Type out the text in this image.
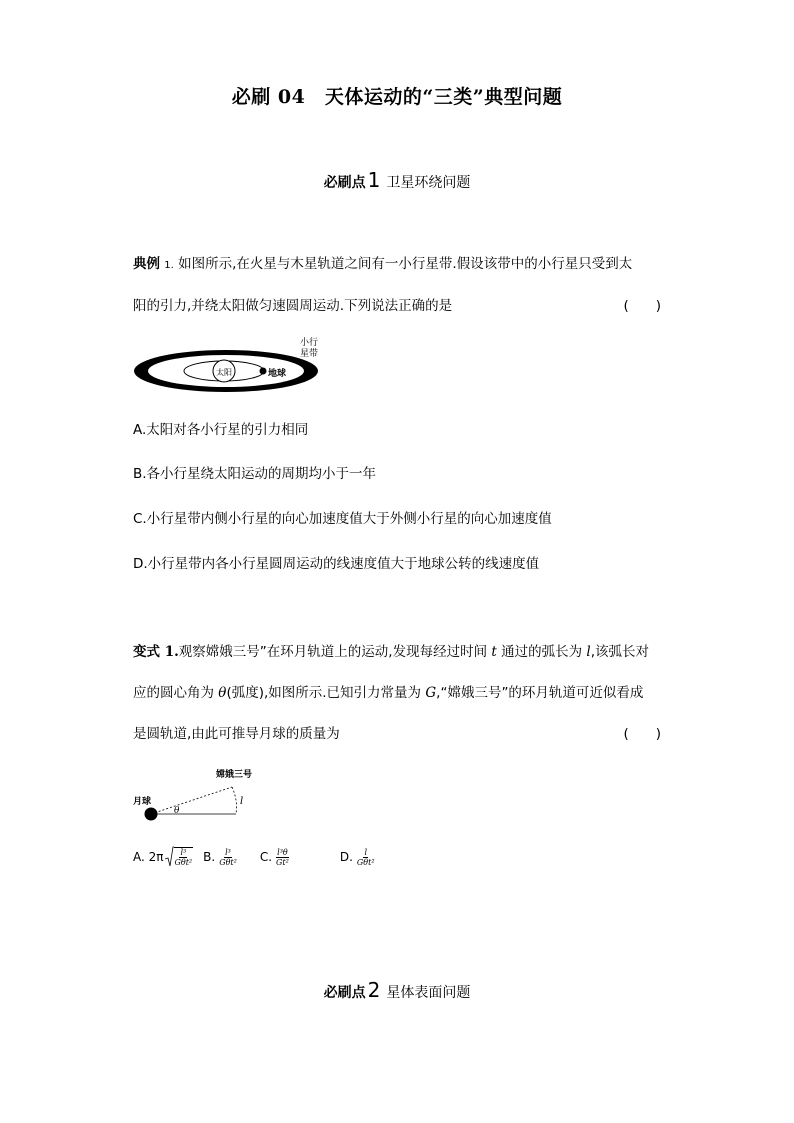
必刷 04　天体运动的“三类”典型问题
必刷点 1 卫星环绕问题
典例 1. 如图所示,在火星与木星轨道之间有一小行星带.假设该带中的小行星只受到太
阳的引力,并绕太阳做匀速圆周运动.下列说法正确的是	(　　)
太阳	地球
小行
星带
A.太阳对各小行星的引力相同
B.各小行星绕太阳运动的周期均小于一年
C.小行星带内侧小行星的向心加速度值大于外侧小行星的向心加速度值
D.小行星带内各小行星圆周运动的线速度值大于地球公转的线速度值
变式 1.观察嫦娥三号”在环月轨道上的运动,发现每经过时间 t 通过的弧长为 l,该弧长对
应的圆心角为 θ(弧度),如图所示.已知引力常量为 G,“嫦娥三号”的环月轨道可近似看成
是圆轨道,由此可推导月球的质量为	(　　)
嫦娥三号
月球
θ
l
A. $2\pi \frac{\text{l³}}{\text{Gθt²}} B$. $\frac{\text{l³}}{\text{Gθt²}} C$. $\frac{\text{l³θ}}{\text{Gt²}}$	D. $\frac{l}{\text{Gθt²}}$
必刷点 2 星体表面问题
